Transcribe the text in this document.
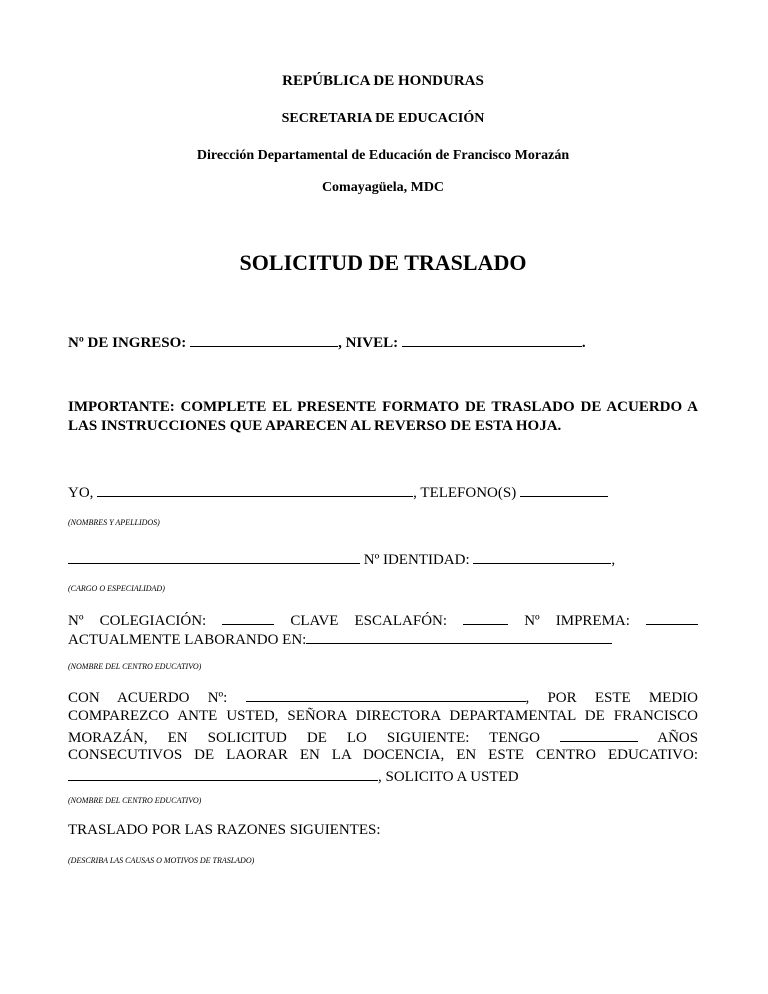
REPÚBLICA DE HONDURAS
SECRETARIA DE EDUCACIÓN
Dirección Departamental de Educación de Francisco Morazán
Comayagüela, MDC
SOLICITUD DE TRASLADO
Nº DE INGRESO:	, NIVEL:	.
IMPORTANTE: COMPLETE EL PRESENTE FORMATO DE TRASLADO DE ACUERDO A
LAS INSTRUCCIONES QUE APARECEN AL REVERSO DE ESTA HOJA.
YO,	, TELEFONO(S)
(NOMBRES Y APELLIDOS)
Nº IDENTIDAD:	,
(CARGO O ESPECIALIDAD)
Nº COLEGIACIÓN:	CLAVE ESCALAFÓN:	Nº IMPREMA:
ACTUALMENTE LABORANDO EN:
(NOMBRE DEL CENTRO EDUCATIVO)
CON ACUERDO Nº:	, POR ESTE MEDIO
COMPAREZCO ANTE USTED, SEÑORA DIRECTORA DEPARTAMENTAL DE FRANCISCO
MORAZÁN, EN SOLICITUD DE LO SIGUIENTE: TENGO	AÑOS
CONSECUTIVOS DE LAORAR EN LA DOCENCIA, EN ESTE CENTRO EDUCATIVO:
, SOLICITO A USTED
(NOMBRE DEL CENTRO EDUCATIVO)
TRASLADO POR LAS RAZONES SIGUIENTES:
(DESCRIBA LAS CAUSAS O MOTIVOS DE TRASLADO)
